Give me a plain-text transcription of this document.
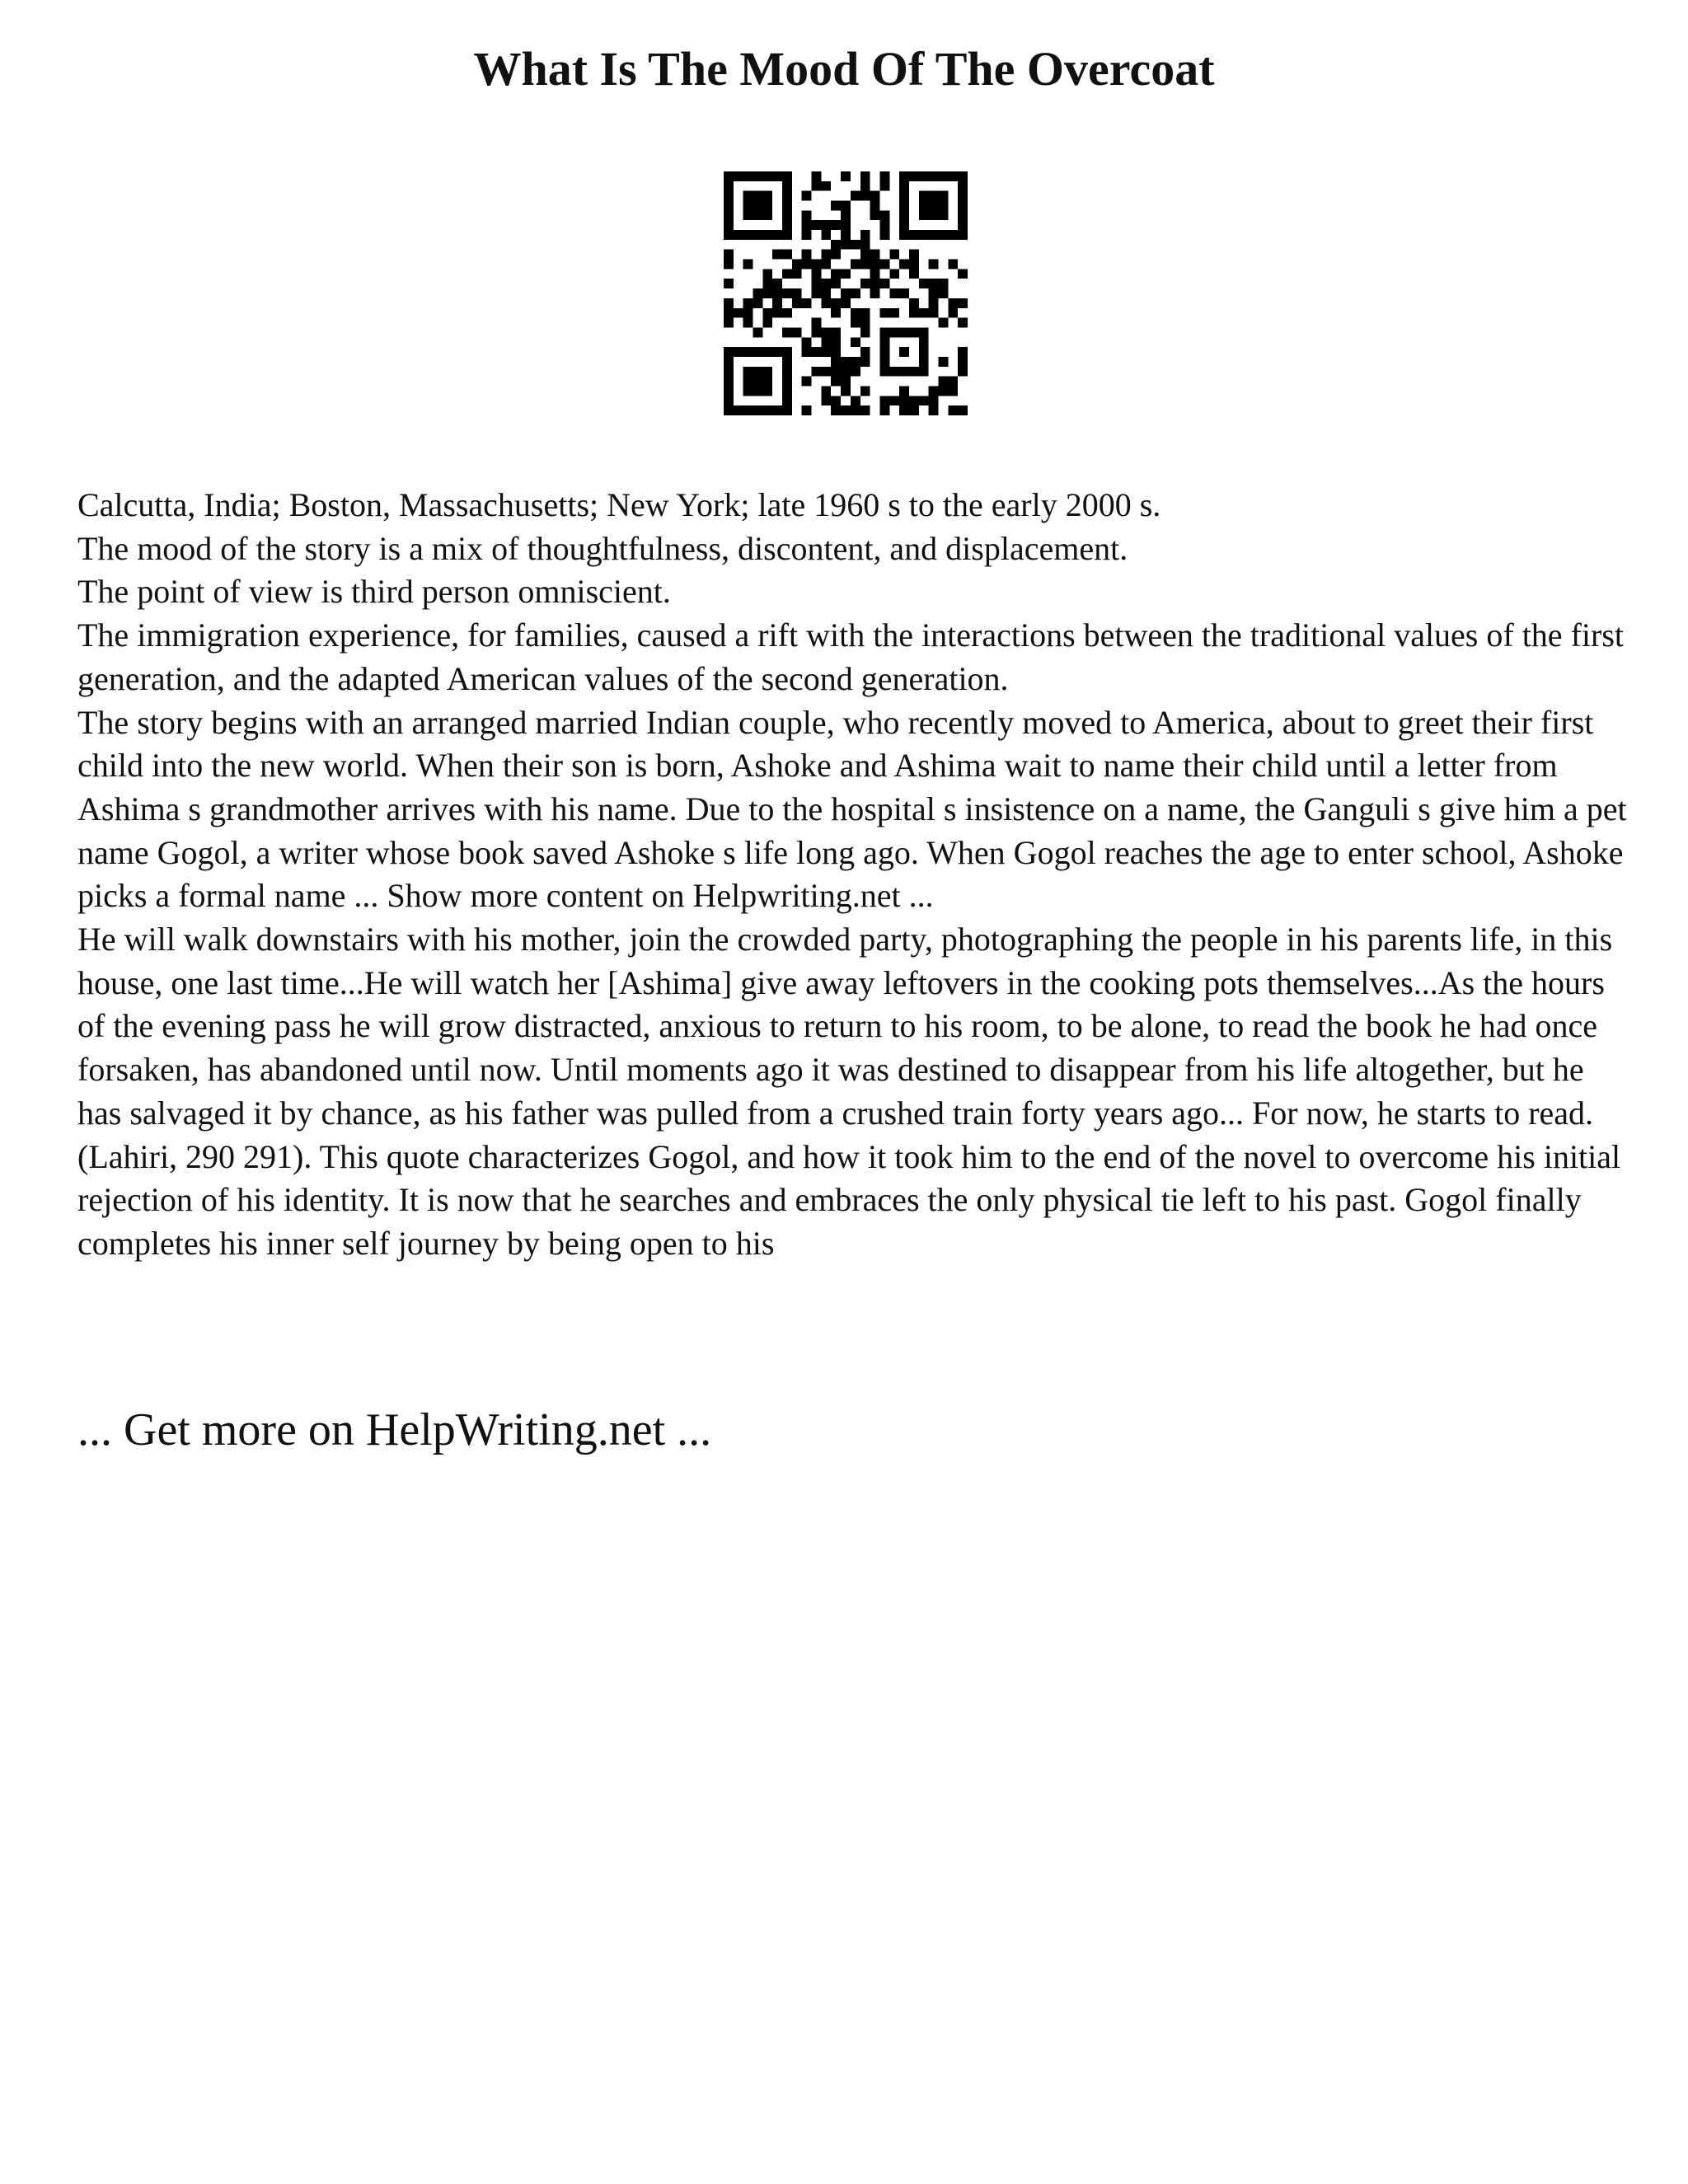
What Is The Mood Of The Overcoat

Calcutta, India; Boston, Massachusetts; New York; late 1960 s to the early 2000 s.

The mood of the story is a mix of thoughtfulness, discontent, and displacement.

The point of view is third person omniscient.

The immigration experience, for families, caused a rift with the interactions between the traditional values of the first generation, and the adapted American values of the second generation.

The story begins with an arranged married Indian couple, who recently moved to America, about to greet their first child into the new world. When their son is born, Ashoke and Ashima wait to name their child until a letter from Ashima s grandmother arrives with his name. Due to the hospital s insistence on a name, the Ganguli s give him a pet name Gogol, a writer whose book saved Ashoke s life long ago. When Gogol reaches the age to enter school, Ashoke picks a formal name ... Show more content on Helpwriting.net ...

He will walk downstairs with his mother, join the crowded party, photographing the people in his parents life, in this house, one last time...He will watch her [Ashima] give away leftovers in the cooking pots themselves...As the hours of the evening pass he will grow distracted, anxious to return to his room, to be alone, to read the book he had once forsaken, has abandoned until now. Until moments ago it was destined to disappear from his life altogether, but he has salvaged it by chance, as his father was pulled from a crushed train forty years ago... For now, he starts to read. (Lahiri, 290 291). This quote characterizes Gogol, and how it took him to the end of the novel to overcome his initial rejection of his identity. It is now that he searches and embraces the only physical tie left to his past. Gogol finally completes his inner self journey by being open to his

... Get more on HelpWriting.net ...
